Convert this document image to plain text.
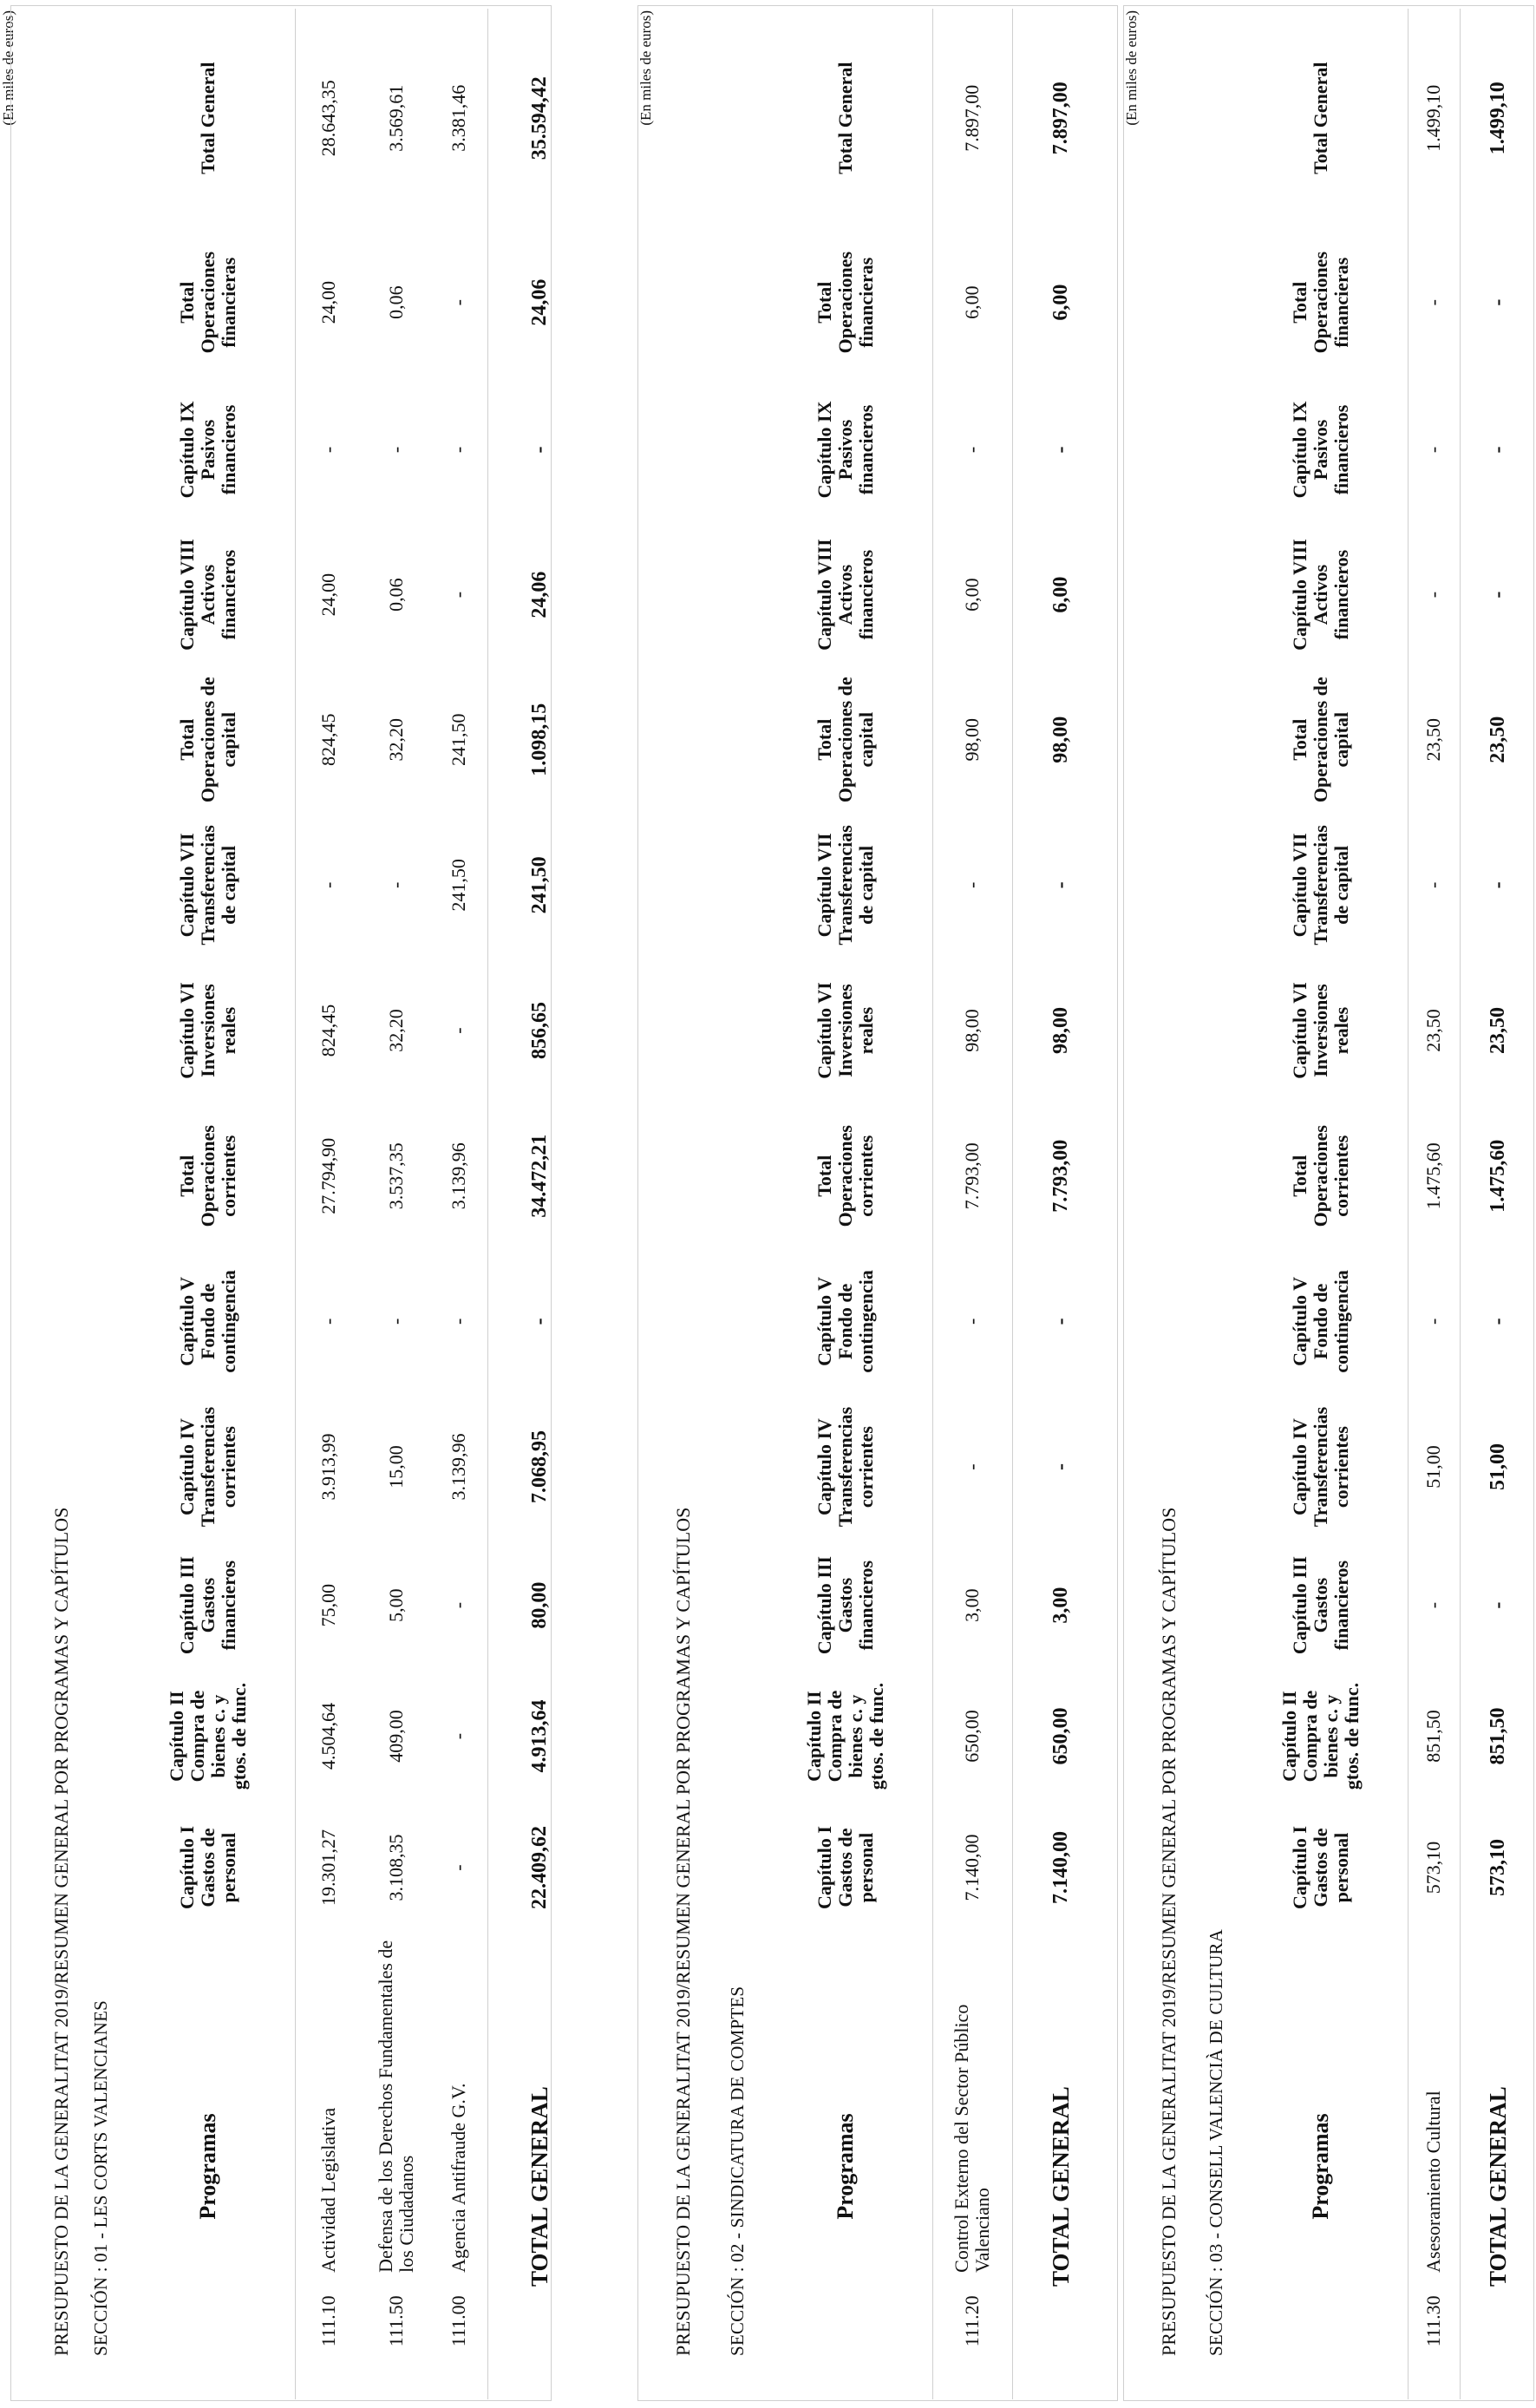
(En miles de euros)
PRESUPUESTO DE LA GENERALITAT 2019/RESUMEN GENERAL POR PROGRAMAS Y CAPÍTULOS SECCIÓN : 01 - LES CORTS VALENCIANES	Programas			Capítulo I Gastos de personal	Capítulo II Compra de bienes c. y gtos. de func.	Capítulo III Gastos financieros	Capítulo IV Transferencias corrientes	Capítulo V Fondo de contingencia	Total Operaciones corrientes	Capítulo VI Inversiones reales	Capítulo VII Transferencias de capital	Total Operaciones de capital	Capítulo VIII Activos financieros	Capítulo IX Pasivos financieros	Total Operaciones financieras	Total General
	111.10	Actividad Legislativa	19.301,27	4.504,64	75,00	3.913,99	-	27.794,90	824,45	-	824,45	24,00	-	24,00	28.643,35
	111.50	Defensa de los Derechos Fundamentales de los Ciudadanos	3.108,35	409,00	5,00	15,00	-	3.537,35	32,20	-	32,20	0,06	-	0,06	3.569,61
	111.00	Agencia Antifraude G.V.	-	-	-	3.139,96	-	3.139,96	-	241,50	241,50	-	-	-	3.381,46
TOTAL GENERAL			22.409,62	4.913,64	80,00	7.068,95	-	34.472,21	856,65	241,50	1.098,15	24,06	-	24,06	35.594,42	(En miles de euros)
PRESUPUESTO DE LA GENERALITAT 2019/RESUMEN GENERAL POR PROGRAMAS Y CAPÍTULOS SECCIÓN : 02 - SINDICATURA DE COMPTES	Programas			Capítulo I Gastos de personal	Capítulo II Compra de bienes c. y gtos. de func.	Capítulo III Gastos financieros	Capítulo IV Transferencias corrientes	Capítulo V Fondo de contingencia	Total Operaciones corrientes	Capítulo VI Inversiones reales	Capítulo VII Transferencias de capital	Total Operaciones de capital	Capítulo VIII Activos financieros	Capítulo IX Pasivos financieros	Total Operaciones financieras	Total General
	111.20	Control Externo del Sector Público Valenciano	7.140,00	650,00	3,00	-	-	7.793,00	98,00	-	98,00	6,00	-	6,00	7.897,00
TOTAL GENERAL			7.140,00	650,00	3,00	-	-	7.793,00	98,00	-	98,00	6,00	-	6,00	7.897,00	(En miles de euros)
PRESUPUESTO DE LA GENERALITAT 2019/RESUMEN GENERAL POR PROGRAMAS Y CAPÍTULOS SECCIÓN : 03 - CONSELL VALENCIÀ DE CULTURA	Programas			Capítulo I Gastos de personal	Capítulo II Compra de bienes c. y gtos. de func.	Capítulo III Gastos financieros	Capítulo IV Transferencias corrientes	Capítulo V Fondo de contingencia	Total Operaciones corrientes	Capítulo VI Inversiones reales	Capítulo VII Transferencias de capital	Total Operaciones de capital	Capítulo VIII Activos financieros	Capítulo IX Pasivos financieros	Total Operaciones financieras	Total General
	111.30	Asesoramiento Cultural	573,10	851,50	-	51,00	-	1.475,60	23,50	-	23,50	-	-	-	1.499,10
TOTAL GENERAL			573,10	851,50	-	51,00	-	1.475,60	23,50	-	23,50	-	-	-	1.499,10
